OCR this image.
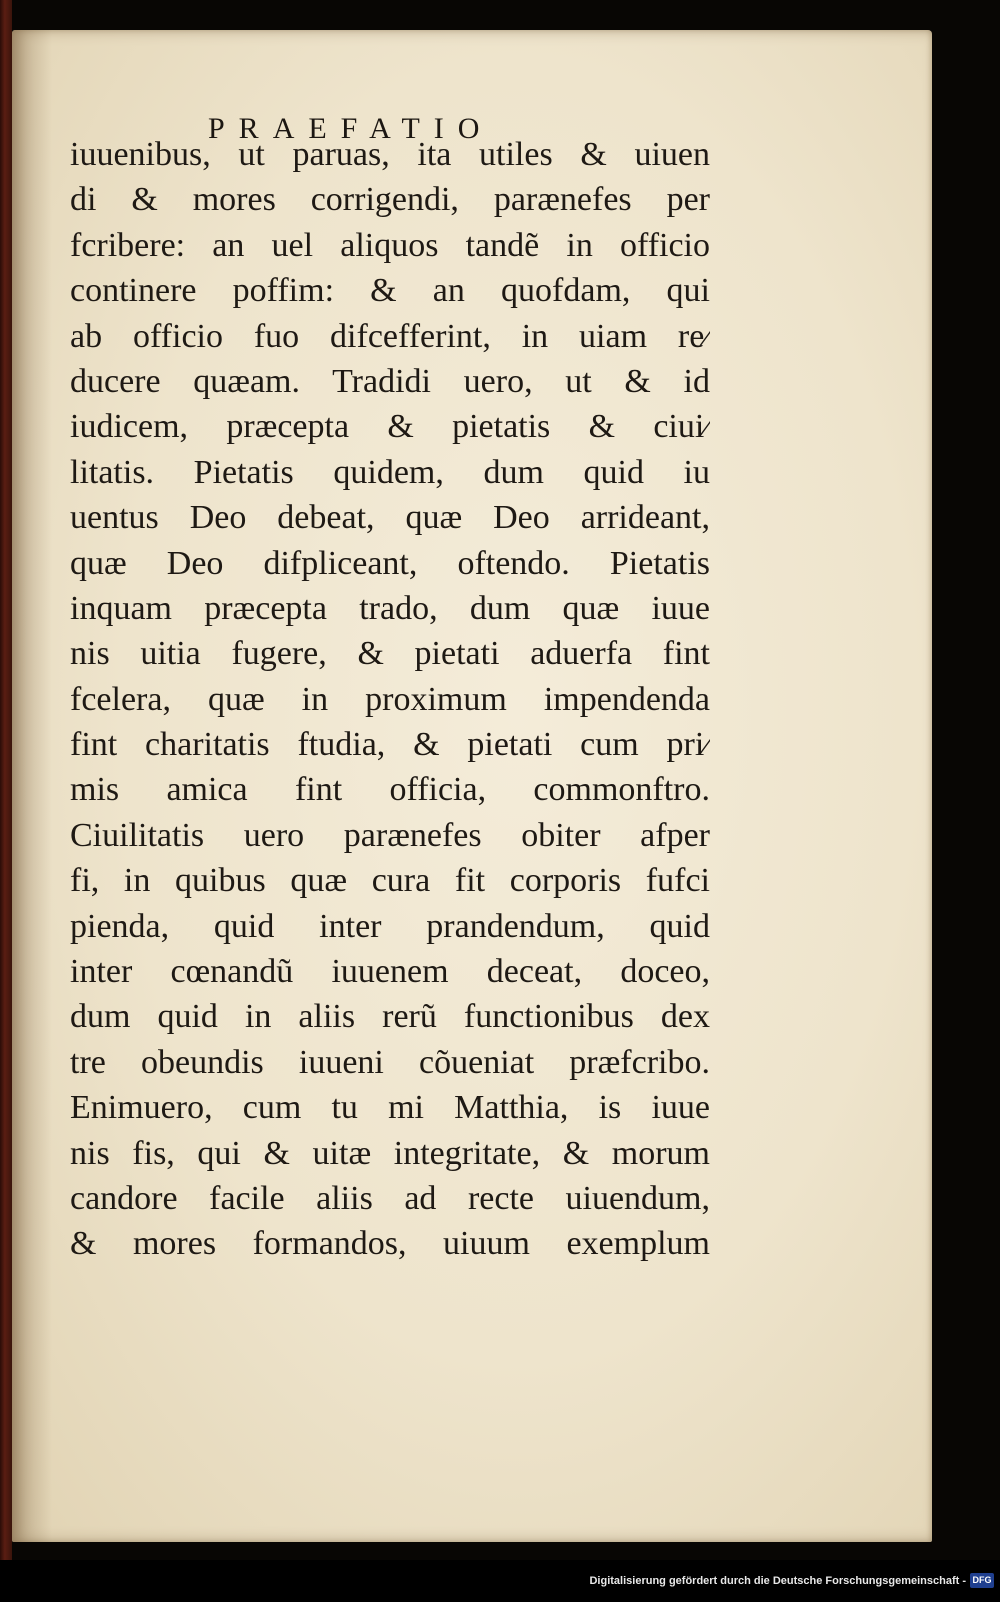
PRAEFATIO
iuuenibus, ut paruas, ita utiles & uiuen
di & mores corrigendi, parænefes per
fcribere: an uel aliquos tandẽ in officio
continere poffim: & an quofdam, qui
ab officio fuo difcefferint, in uiam re⁄
ducere quæam. Tradidi uero, ut & id
iudicem, præcepta & pietatis & ciui⁄
litatis. Pietatis quidem, dum quid iu
uentus Deo debeat, quæ Deo arrideant,
quæ Deo difpliceant, oftendo. Pietatis
inquam præcepta trado, dum quæ iuue
nis uitia fugere, & pietati aduerfa fint
fcelera, quæ in proximum impendenda
fint charitatis ftudia, & pietati cum pri⁄
mis amica fint officia, commonftro.
Ciuilitatis uero parænefes obiter afper
fi, in quibus quæ cura fit corporis fufci
pienda, quid inter prandendum, quid
inter cœnandũ iuuenem deceat, doceo,
dum quid in aliis rerũ functionibus dex
tre obeundis iuueni cõueniat præfcribo.
Enimuero, cum tu mi Matthia, is iuue
nis fis, qui & uitæ integritate, & morum
candore facile aliis ad recte uiuendum,
& mores formandos, uiuum exemplum
Digitalisierung gefördert durch die Deutsche Forschungsgemeinschaft - DFG
